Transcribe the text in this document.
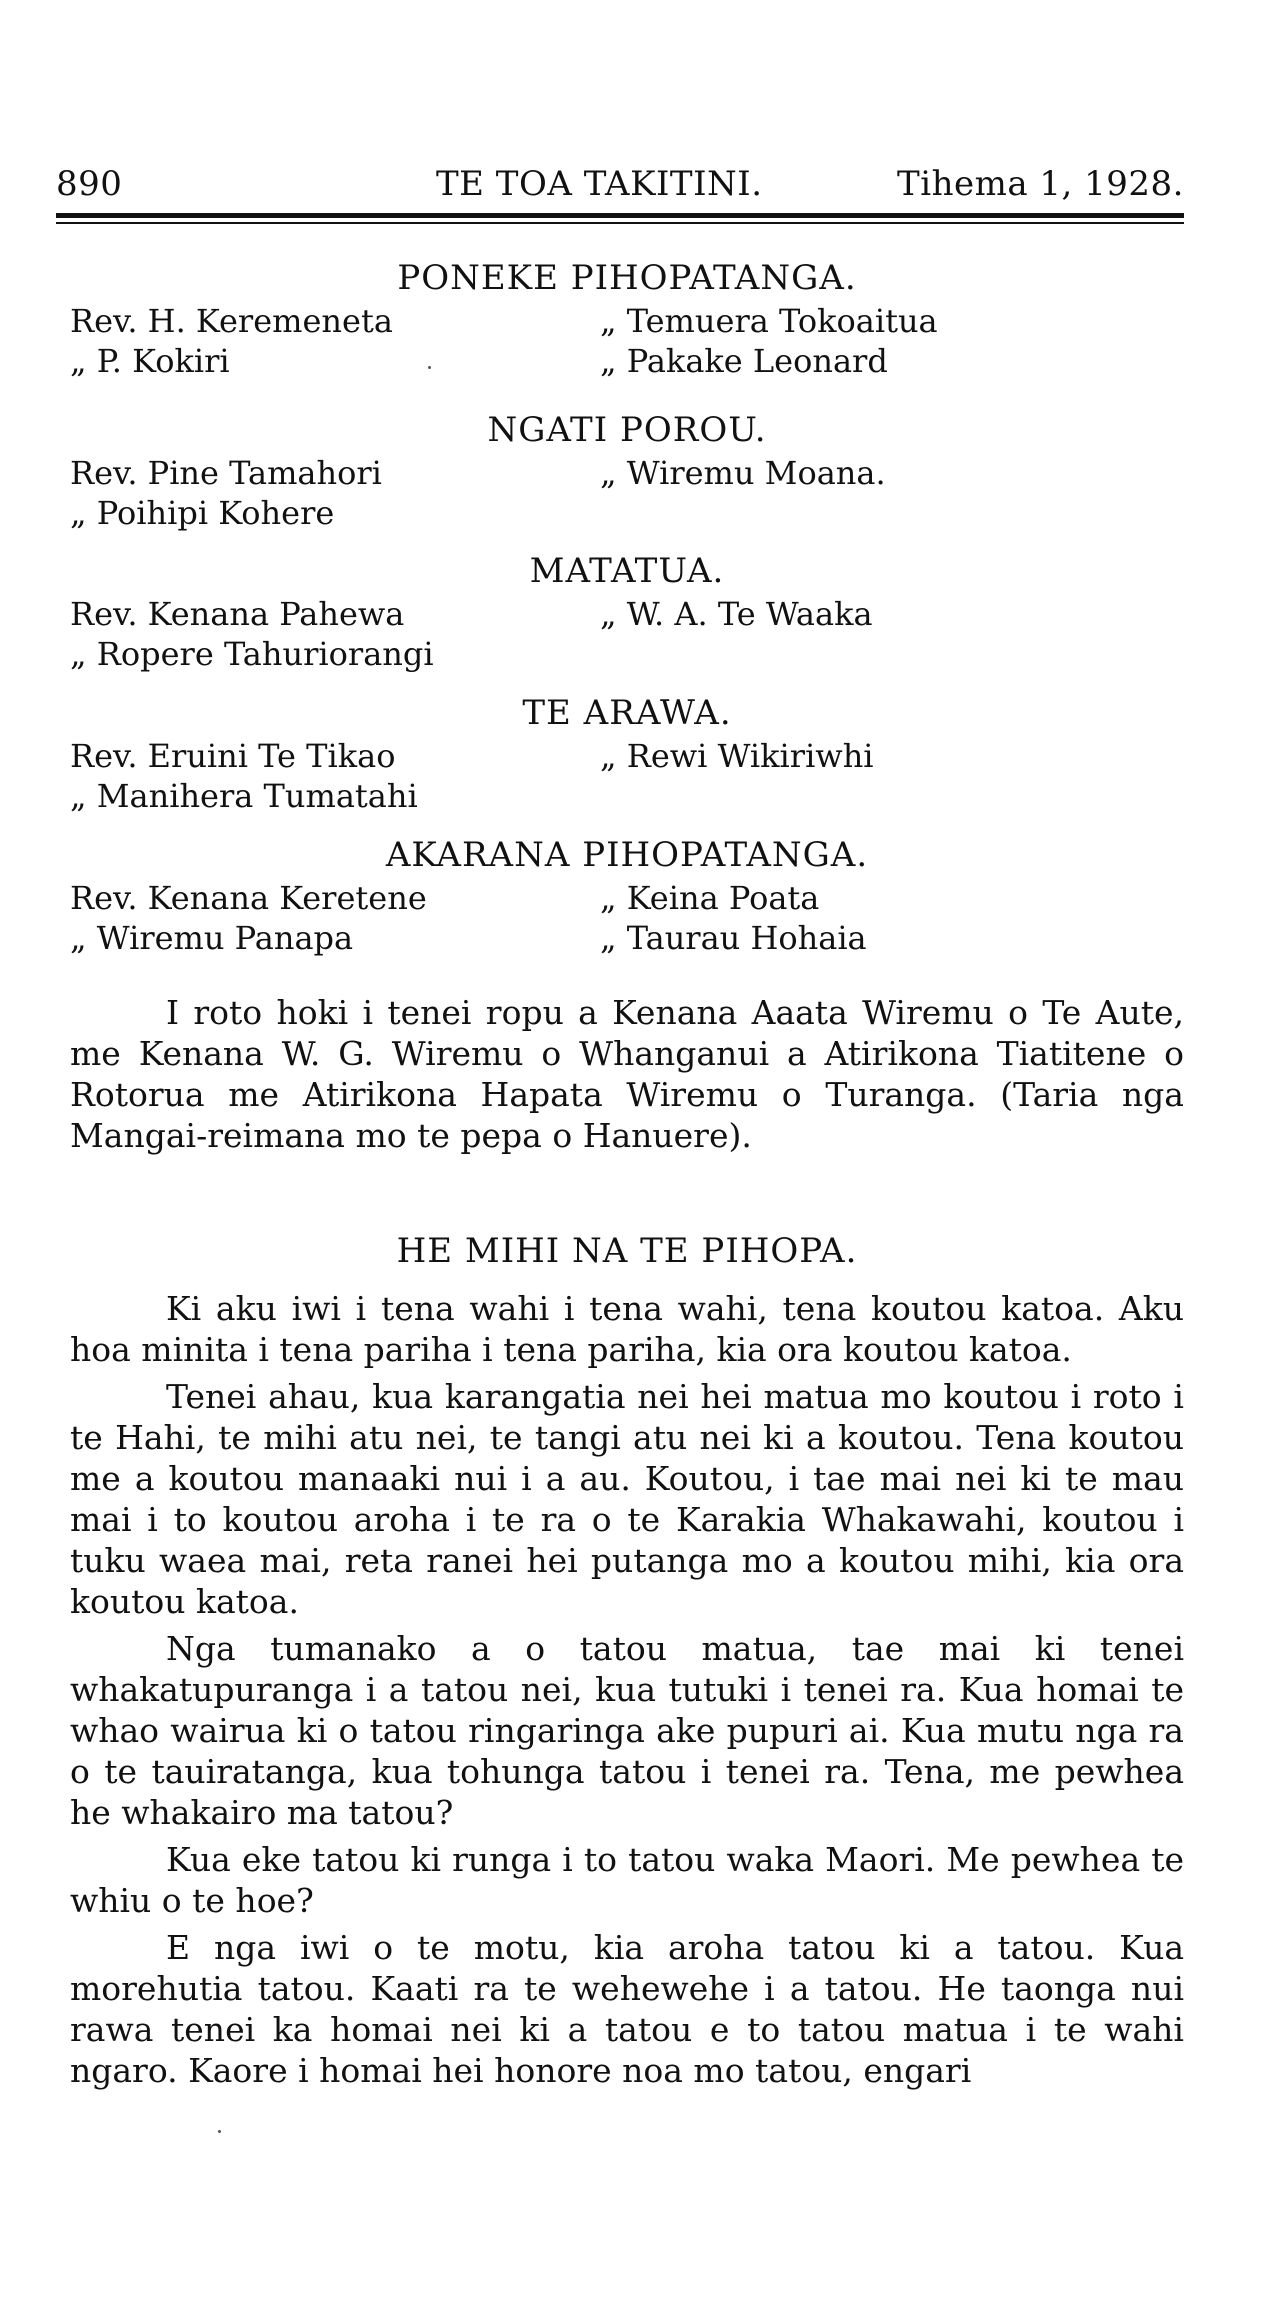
890	TE TOA TAKITINI.	Tihema 1, 1928.

PONEKE PIHOPATANGA.

Rev. H. Keremeneta	„ Temuera Tokoaitua
„ P. Kokiri	„ Pakake Leonard

NGATI POROU.

Rev. Pine Tamahori	„ Wiremu Moana.
„ Poihipi Kohere

MATATUA.

Rev. Kenana Pahewa	„ W. A. Te Waaka
„ Ropere Tahuriorangi

TE ARAWA.

Rev. Eruini Te Tikao	„ Rewi Wikiriwhi
„ Manihera Tumatahi

AKARANA PIHOPATANGA.

Rev. Kenana Keretene	„ Keina Poata
„ Wiremu Panapa	„ Taurau Hohaia

I roto hoki i tenei ropu a Kenana Aaata Wiremu o Te Aute, me Kenana W. G. Wiremu o Whanganui a Atirikona Tiatitene o Rotorua me Atirikona Hapata Wiremu o Turanga. (Taria nga Mangai-reimana mo te pepa o Hanuere).

HE MIHI NA TE PIHOPA.

Ki aku iwi i tena wahi i tena wahi, tena koutou katoa. Aku hoa minita i tena pariha i tena pariha, kia ora koutou katoa.

Tenei ahau, kua karangatia nei hei matua mo koutou i roto i te Hahi, te mihi atu nei, te tangi atu nei ki a koutou. Tena koutou me a koutou manaaki nui i a au. Koutou, i tae mai nei ki te mau mai i to koutou aroha i te ra o te Karakia Whakawahi, koutou i tuku waea mai, reta ranei hei putanga mo a koutou mihi, kia ora koutou katoa.

Nga tumanako a o tatou matua, tae mai ki tenei whakatupuranga i a tatou nei, kua tutuki i tenei ra. Kua homai te whao wairua ki o tatou ringaringa ake pupuri ai. Kua mutu nga ra o te tauiratanga, kua tohunga tatou i tenei ra. Tena, me pewhea he whakairo ma tatou?

Kua eke tatou ki runga i to tatou waka Maori. Me pewhea te whiu o te hoe?

E nga iwi o te motu, kia aroha tatou ki a tatou. Kua morehutia tatou. Kaati ra te wehewehe i a tatou. He taonga nui rawa tenei ka homai nei ki a tatou e to tatou matua i te wahi ngaro. Kaore i homai hei honore noa mo tatou, engari
